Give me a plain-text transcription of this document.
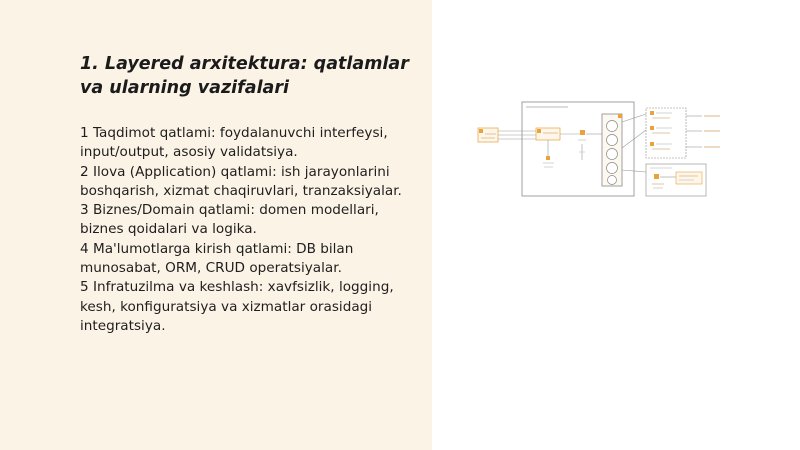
1. Layered arxitektura: qatlamlar va ularning vazifalari

1 Taqdimot qatlami: foydalanuvchi interfeysi, input/output, asosiy validatsiya.

2 Ilova (Application) qatlami: ish jarayonlarini boshqarish, xizmat chaqiruvlari, tranzaksiyalar.

3 Biznes/Domain qatlami: domen modellari, biznes qoidalari va logika.

4 Ma'lumotlarga kirish qatlami: DB bilan munosabat, ORM, CRUD operatsiyalar.

5 Infratuzilma va keshlash: xavfsizlik, logging, kesh, konfiguratsiya va xizmatlar orasidagi integratsiya.
